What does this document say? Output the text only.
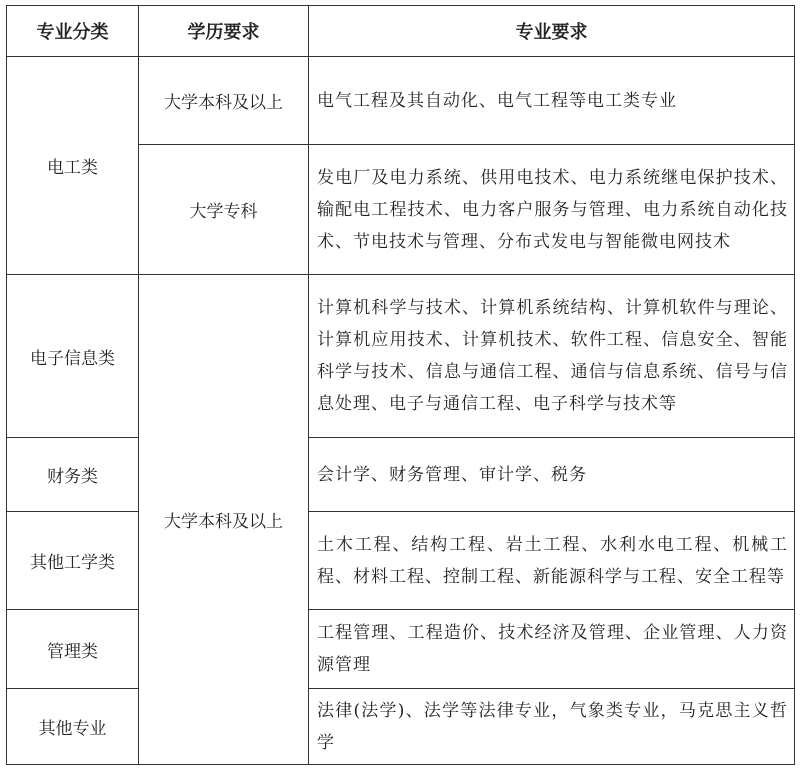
专业分类	学历要求	专业要求
电工类	大学本科及以上	电气工程及其自动化、电气工程等电工类专业
	大学专科	发电厂及电力系统、供用电技术、电力系统继电保护技术、输配电工程技术、电力客户服务与管理、电力系统自动化技术、节电技术与管理、分布式发电与智能微电网技术
电子信息类	大学本科及以上	计算机科学与技术、计算机系统结构、计算机软件与理论、计算机应用技术、计算机技术、软件工程、信息安全、智能科学与技术、信息与通信工程、通信与信息系统、信号与信息处理、电子与通信工程、电子科学与技术等
财务类		会计学、财务管理、审计学、税务
其他工学类		土木工程、结构工程、岩土工程、水利水电工程、机械工程、材料工程、控制工程、新能源科学与工程、安全工程等
管理类		工程管理、工程造价、技术经济及管理、企业管理、人力资源管理
其他专业		法律(法学)、法学等法律专业，气象类专业，马克思主义哲学
